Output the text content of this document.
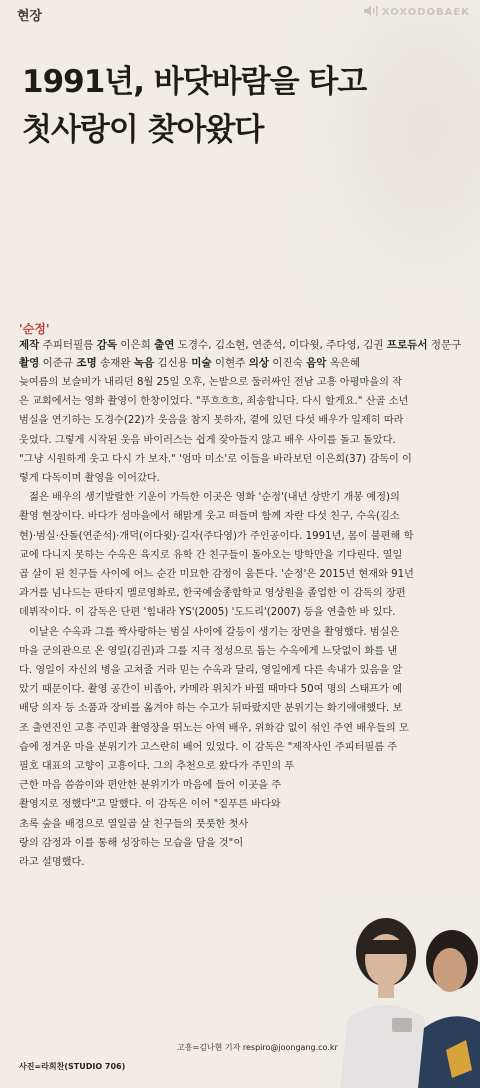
현장	XOXODOBAEK
1991년, 바닷바람을 타고
첫사랑이 찾아왔다
'순정'
제작 주피터필름 감독 이은희 출연 도경수, 김소현, 연준석, 이다윗, 주다영, 김권 프로듀서 정문구
촬영 이준규 조명 송재완 녹음 김신용 미술 이현주 의상 이진숙 음악 옥은혜
늦여름의 보슬비가 내리던 8월 25일 오후, 논밭으로 둘러싸인 전남 고흥 아평마을의 작
은 교회에서는 영화 촬영이 한창이었다. "푸흐흐흐, 죄송합니다. 다시 할게요." 산골 소년
범실을 연기하는 도경수(22)가 웃음을 참지 못하자, 곁에 있던 다섯 배우가 일제히 따라
웃었다. 그렇게 시작된 웃음 바이러스는 쉽게 잦아들지 않고 배우 사이를 돌고 돌았다.
"그냥 시원하게 웃고 다시 가 보자." '엄마 미소'로 이들을 바라보던 이은희(37) 감독이 이
렇게 다독이며 촬영을 이어갔다.
　젊은 배우의 생기발랄한 기운이 가득한 이곳은 영화 '순정'(내년 상반기 개봉 예정)의
촬영 현장이다. 바다가 섬마을에서 해맑게 웃고 떠들며 함께 자란 다섯 친구, 수옥(김소
현)·범실·산돌(연준석)·개덕(이다윗)·길자(주다영)가 주인공이다. 1991년, 몸이 불편해 학
교에 다니지 못하는 수옥은 육지로 유학 간 친구들이 돌아오는 방학만을 기다린다. 열일
곱 살이 된 친구들 사이에 어느 순간 미묘한 감정이 움튼다. '순정'은 2015년 현재와 91년
과거를 넘나드는 판타지 멜로영화로, 한국예술종합학교 영상원을 졸업한 이 감독의 장편
데뷔작이다. 이 감독은 단편 '힘내라 YS'(2005) '도드리'(2007) 등을 연출한 바 있다.
　이날은 수옥과 그를 짝사랑하는 범실 사이에 갈등이 생기는 장면을 촬영했다. 범실은
마을 군의관으로 온 영일(김권)과 그를 지극 정성으로 돕는 수옥에게 느닷없이 화를 낸
다. 영일이 자신의 병을 고쳐줄 거라 믿는 수옥과 달리, 영일에게 다른 속내가 있음을 알
았기 때문이다. 촬영 공간이 비좁아, 카메라 위치가 바뀔 때마다 50여 명의 스태프가 예
배당 의자 등 소품과 장비를 옮겨야 하는 수고가 뒤따랐지만 분위기는 화기애애했다. 보
조 출연진인 고흥 주민과 촬영장을 뛰노는 아역 배우, 위화감 없이 섞인 주연 배우들의 모
습에 정겨운 마을 분위기가 고스란히 배어 있었다. 이 감독은 "제작사인 주피터필름 주
필호 대표의 고향이 고흥이다. 그의 추천으로 왔다가 주민의 푸
근한 마음 씀씀이와 편안한 분위기가 마음에 들어 이곳을 주
촬영지로 정했다"고 말했다. 이 감독은 이어 "짙푸른 바다와
초록 숲을 배경으로 열일곱 살 친구들의 풋풋한 첫사
랑의 감정과 이를 통해 성장하는 모습을 담을 것"이
라고 설명했다.
고흥=김나현 기자 respiro@joongang.co.kr
사진=라희찬(STUDIO 706)
